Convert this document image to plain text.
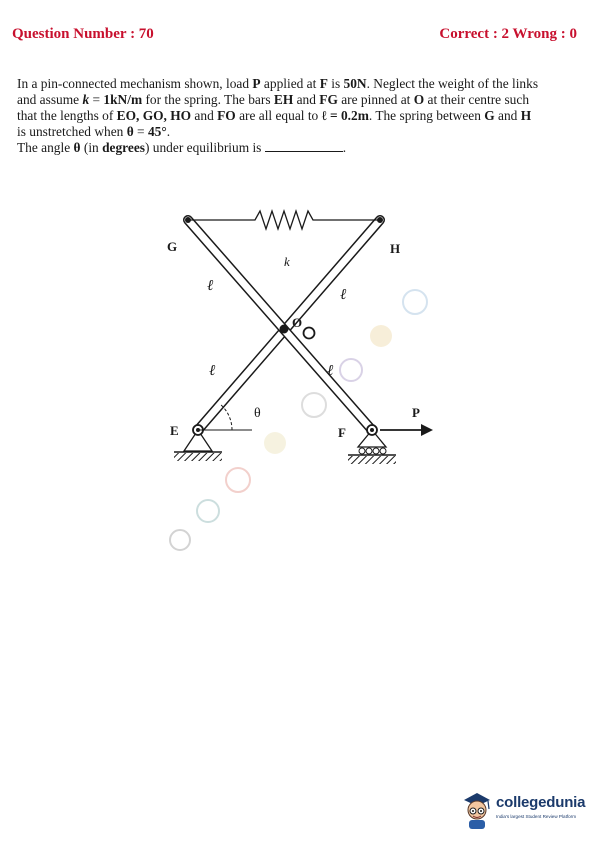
Question Number : 70	Correct : 2 Wrong : 0

In a pin-connected mechanism shown, load P applied at F is 50N. Neglect the weight of the links

and assume k = 1kN/m for the spring. The bars EH and FG are pinned at O at their centre such

that the lengths of EO, GO, HO and FO are all equal to ℓ = 0.2m. The spring between G and H

is unstretched when θ = 45°.

The angle θ (in degrees) under equilibrium is	.

G	H
k
ℓ
ℓ
O
ℓ	ℓ
θ
E	F
P
collegedunia
India's largest Student Review Platform
